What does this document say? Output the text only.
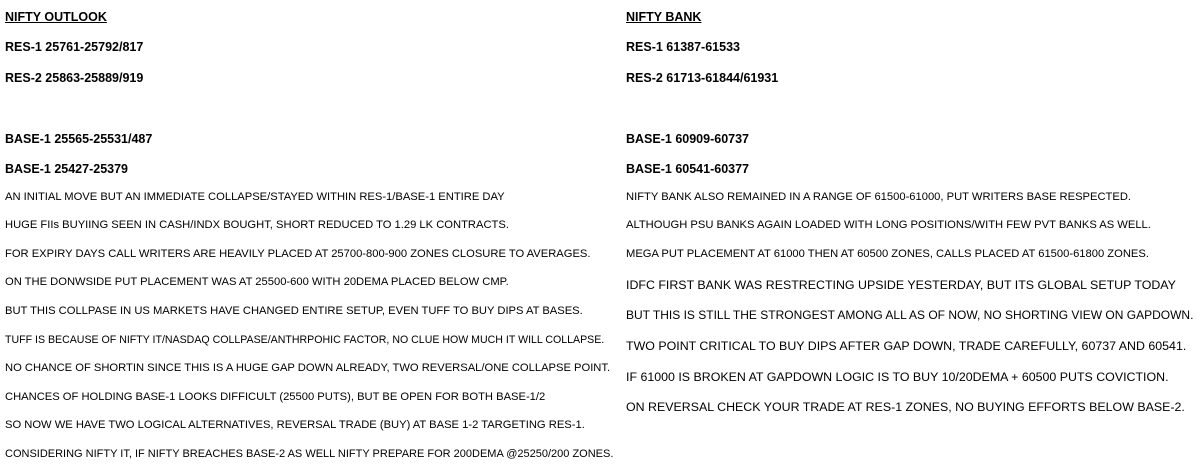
NIFTY OUTLOOK
RES-1 25761-25792/817
RES-2 25863-25889/919
BASE-1 25565-25531/487
BASE-1 25427-25379
AN INITIAL MOVE BUT AN IMMEDIATE COLLAPSE/STAYED WITHIN RES-1/BASE-1 ENTIRE DAY
HUGE FIIs BUYIING SEEN IN CASH/INDX BOUGHT, SHORT REDUCED TO 1.29 LK CONTRACTS.
FOR EXPIRY DAYS CALL WRITERS ARE HEAVILY PLACED AT 25700-800-900 ZONES CLOSURE TO AVERAGES.
ON THE DONWSIDE PUT PLACEMENT WAS AT 25500-600 WITH 20DEMA PLACED BELOW CMP.
BUT THIS COLLPASE IN US MARKETS HAVE CHANGED ENTIRE SETUP, EVEN TUFF TO BUY DIPS AT BASES.
TUFF IS BECAUSE OF NIFTY IT/NASDAQ COLLPASE/ANTHRPOHIC FACTOR, NO CLUE HOW MUCH IT WILL COLLAPSE.
NO CHANCE OF SHORTIN SINCE THIS IS A HUGE GAP DOWN ALREADY, TWO REVERSAL/ONE COLLAPSE POINT.
CHANCES OF HOLDING BASE-1 LOOKS DIFFICULT (25500 PUTS), BUT BE OPEN FOR BOTH BASE-1/2
SO NOW WE HAVE TWO LOGICAL ALTERNATIVES, REVERSAL TRADE (BUY) AT BASE 1-2 TARGETING RES-1.
CONSIDERING NIFTY IT, IF NIFTY BREACHES BASE-2 AS WELL NIFTY PREPARE FOR 200DEMA @25250/200 ZONES.
NIFTY BANK
RES-1 61387-61533
RES-2 61713-61844/61931
BASE-1 60909-60737
BASE-1 60541-60377
NIFTY BANK ALSO REMAINED IN A RANGE OF 61500-61000, PUT WRITERS BASE RESPECTED.
ALTHOUGH PSU BANKS AGAIN LOADED WITH LONG POSITIONS/WITH FEW PVT BANKS AS WELL.
MEGA PUT PLACEMENT AT 61000 THEN AT 60500 ZONES, CALLS PLACED AT 61500-61800 ZONES.
IDFC FIRST BANK WAS RESTRECTING UPSIDE YESTERDAY, BUT ITS GLOBAL SETUP TODAY
BUT THIS IS STILL THE STRONGEST AMONG ALL AS OF NOW, NO SHORTING VIEW ON GAPDOWN.
TWO POINT CRITICAL TO BUY DIPS AFTER GAP DOWN, TRADE CAREFULLY, 60737 AND 60541.
IF 61000 IS BROKEN AT GAPDOWN LOGIC IS TO BUY 10/20DEMA + 60500 PUTS COVICTION.
ON REVERSAL CHECK YOUR TRADE AT RES-1 ZONES, NO BUYING EFFORTS BELOW BASE-2.
